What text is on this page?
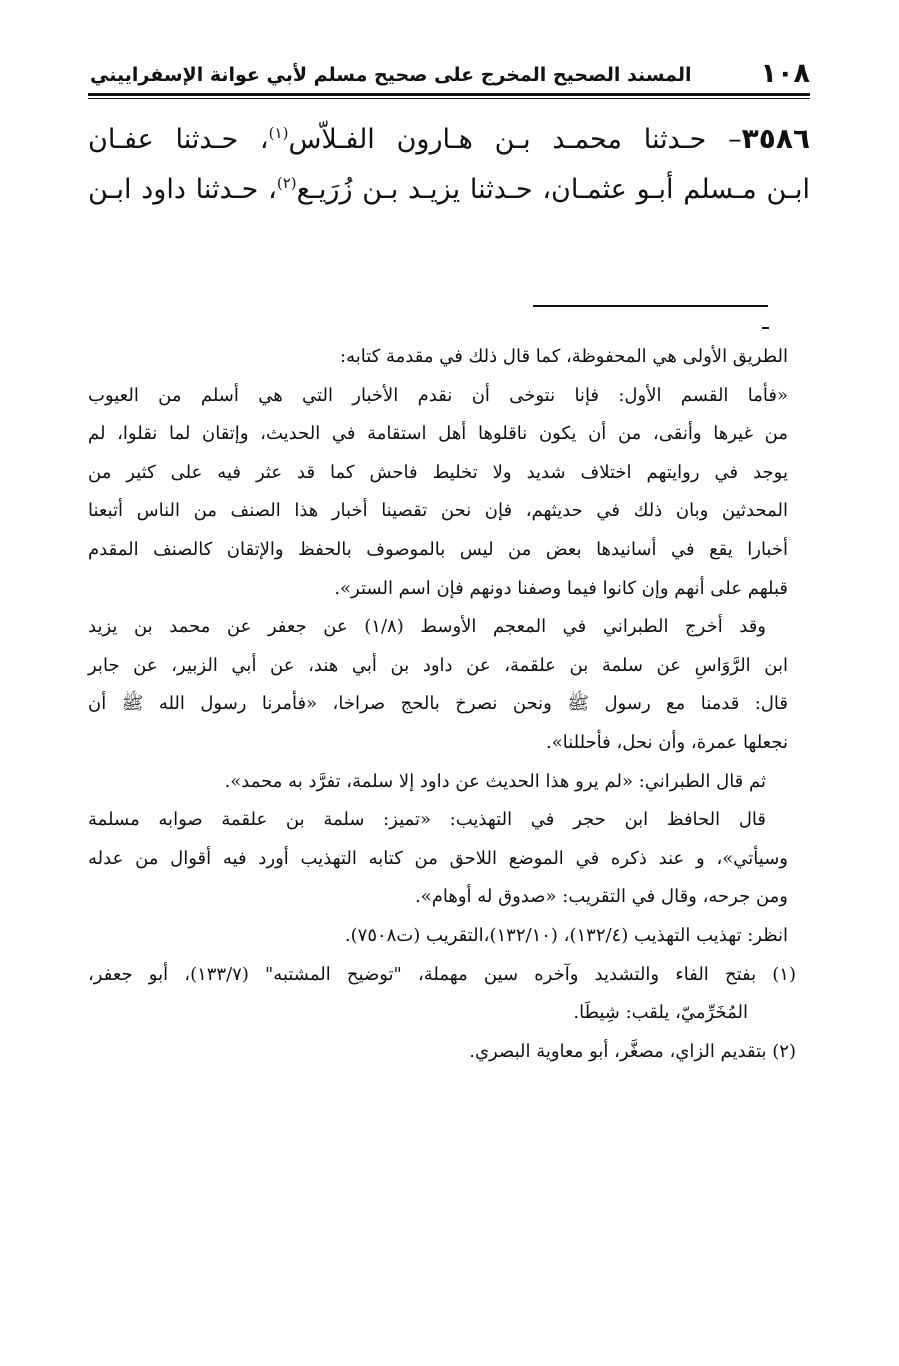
١٠٨
المسند الصحيح المخرج على صحيح مسلم لأبي عوانة الإسفراييني
٣٥٨٦– حـدثنا محمـد بـن هـارون الفـلاّس$^{(١)}$، حـدثنا عفـان
ابـن مـسلم أبـو عثمـان، حـدثنا يزيـد بـن زُرَيـع$^{(٢)}$، حـدثنا داود ابـن
الطريق الأولى هي المحفوظة، كما قال ذلك في مقدمة كتابه:
«فأما القسم الأول: فإنا نتوخى أن نقدم الأخبار التي هي أسلم من العيوب
من غيرها وأنقى، من أن يكون ناقلوها أهل استقامة في الحديث، وإتقان لما نقلوا، لم
يوجد في روايتهم اختلاف شديد ولا تخليط فاحش كما قد عثر فيه على كثير من
المحدثين وبان ذلك في حديثهم، فإن نحن تقصينا أخبار هذا الصنف من الناس أتبعنا
أخبارا يقع في أسانيدها بعض من ليس بالموصوف بالحفظ والإتقان كالصنف المقدم
قبلهم على أنهم وإن كانوا فيما وصفنا دونهم فإن اسم الستر».
وقد أخرج الطبراني في المعجم الأوسط (١/٨) عن جعفر عن محمد بن يزيد
ابن الرَّوَاسِ عن سلمة بن علقمة، عن داود بن أبي هند، عن أبي الزبير، عن جابر
قال: قدمنا مع رسول ﷺ ونحن نصرخ بالحج صراخا، «فأمرنا رسول الله ﷺ أن
نجعلها عمرة، وأن نحل، فأحللنا».
ثم قال الطبراني: «لم يرو هذا الحديث عن داود إلا سلمة، تفرَّد به محمد».
قال الحافظ ابن حجر في التهذيب: «تميز: سلمة بن علقمة صوابه مسلمة
وسيأتي»، و عند ذكره في الموضع اللاحق من كتابه التهذيب أورد فيه أقوال من عدله
ومن جرحه، وقال في التقريب: «صدوق له أوهام».
انظر: تهذيب التهذيب (١٣٢/٤)، (١٣٢/١٠)،التقريب (ت٧٥٠٨).
(١) بفتح الفاء والتشديد وآخره سين مهملة، "توضيح المشتبه" (١٣٣/٧)، أبو جعفر،
المُخَرِّميّ، يلقب: شِيطَا.
(٢) بتقديم الزاي، مصغَّر، أبو معاوية البصري.
